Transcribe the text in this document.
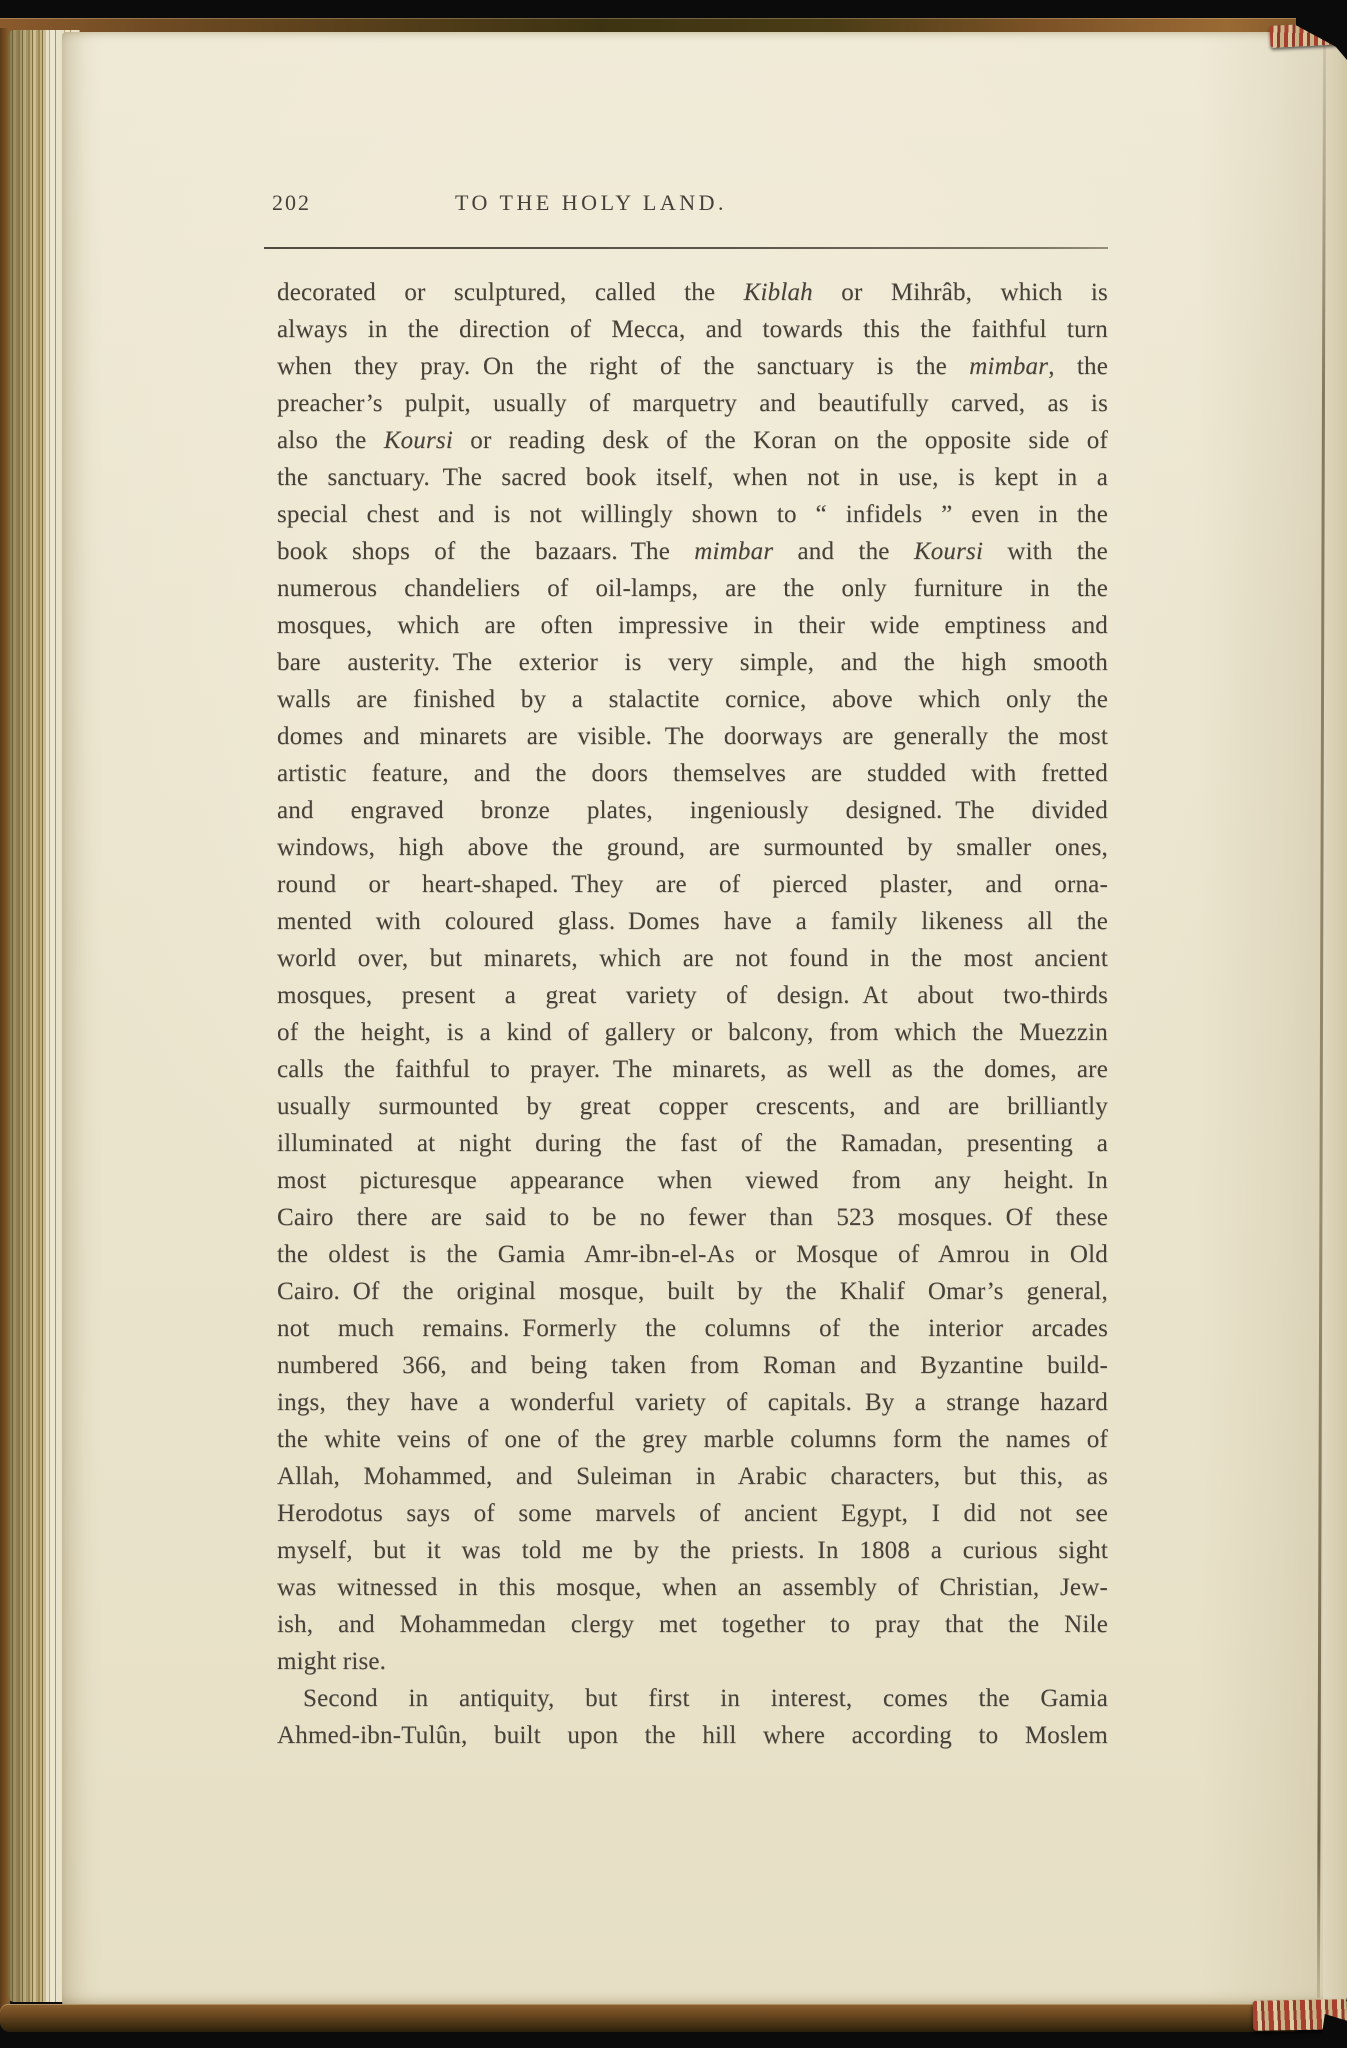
202	TO THE HOLY LAND.
decorated or sculptured, called the Kiblah or Mihrâb, which is
always in the direction of Mecca, and towards this the faithful turn
when they pray. On the right of the sanctuary is the mimbar, the
preacher’s pulpit, usually of marquetry and beautifully carved, as is
also the Koursi or reading desk of the Koran on the opposite side of
the sanctuary. The sacred book itself, when not in use, is kept in a
special chest and is not willingly shown to “ infidels ” even in the
book shops of the bazaars. The mimbar and the Koursi with the
numerous chandeliers of oil-lamps, are the only furniture in the
mosques, which are often impressive in their wide emptiness and
bare austerity. The exterior is very simple, and the high smooth
walls are finished by a stalactite cornice, above which only the
domes and minarets are visible. The doorways are generally the most
artistic feature, and the doors themselves are studded with fretted
and engraved bronze plates, ingeniously designed. The divided
windows, high above the ground, are surmounted by smaller ones,
round or heart-shaped. They are of pierced plaster, and orna-
mented with coloured glass. Domes have a family likeness all the
world over, but minarets, which are not found in the most ancient
mosques, present a great variety of design. At about two-thirds
of the height, is a kind of gallery or balcony, from which the Muezzin
calls the faithful to prayer. The minarets, as well as the domes, are
usually surmounted by great copper crescents, and are brilliantly
illuminated at night during the fast of the Ramadan, presenting a
most picturesque appearance when viewed from any height. In
Cairo there are said to be no fewer than 523 mosques. Of these
the oldest is the Gamia Amr-ibn-el-As or Mosque of Amrou in Old
Cairo. Of the original mosque, built by the Khalif Omar’s general,
not much remains. Formerly the columns of the interior arcades
numbered 366, and being taken from Roman and Byzantine build-
ings, they have a wonderful variety of capitals. By a strange hazard
the white veins of one of the grey marble columns form the names of
Allah, Mohammed, and Suleiman in Arabic characters, but this, as
Herodotus says of some marvels of ancient Egypt, I did not see
myself, but it was told me by the priests. In 1808 a curious sight
was witnessed in this mosque, when an assembly of Christian, Jew-
ish, and Mohammedan clergy met together to pray that the Nile
might rise.
Second in antiquity, but first in interest, comes the Gamia
Ahmed-ibn-Tulûn, built upon the hill where according to Moslem
